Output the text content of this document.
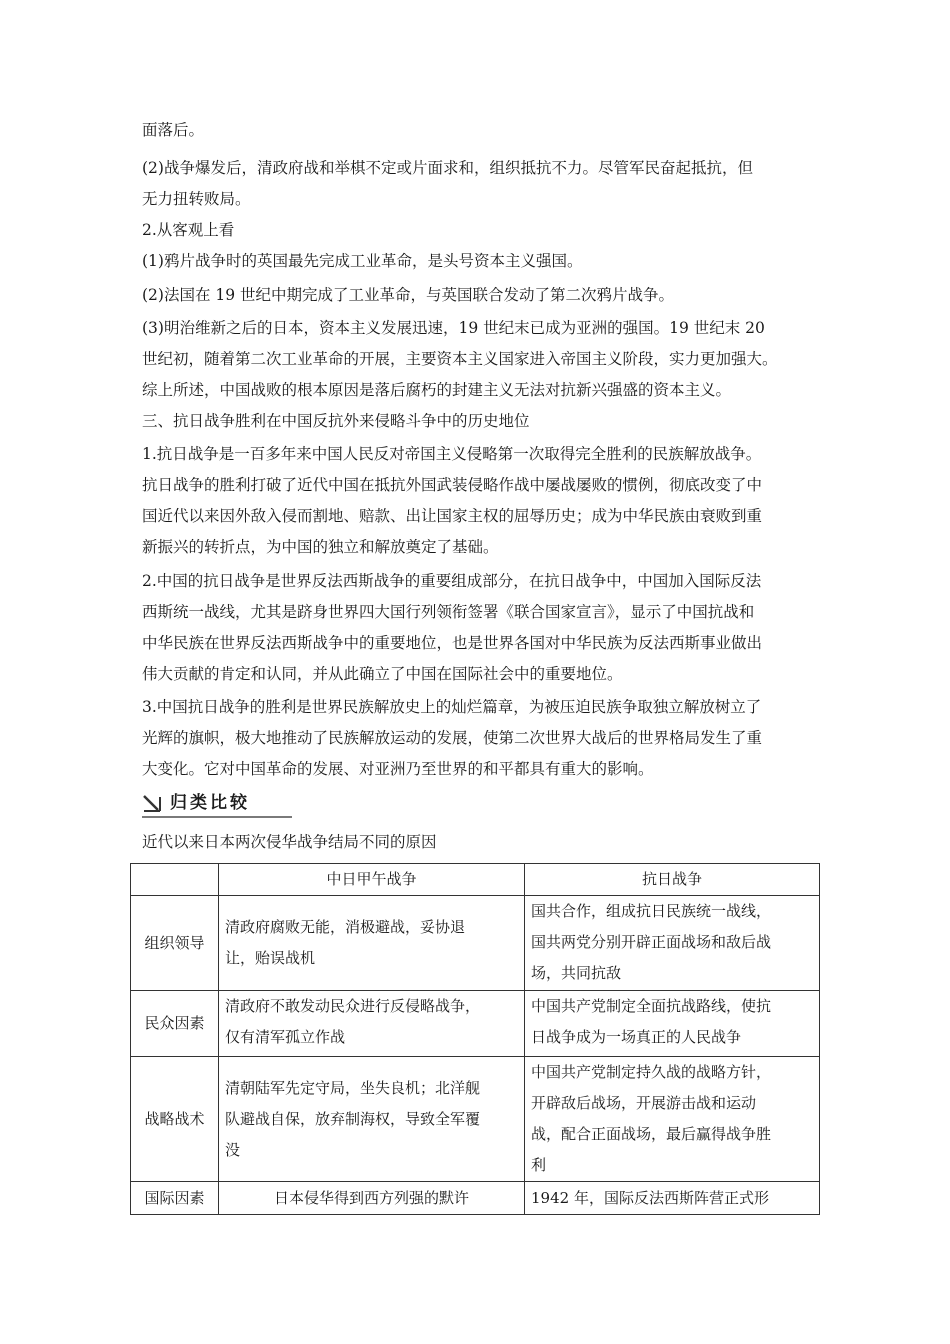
面落后。
(2)战争爆发后，清政府战和举棋不定或片面求和，组织抵抗不力。尽管军民奋起抵抗，但
无力扭转败局。
2.从客观上看
(1)鸦片战争时的英国最先完成工业革命，是头号资本主义强国。
(2)法国在 19 世纪中期完成了工业革命，与英国联合发动了第二次鸦片战争。
(3)明治维新之后的日本，资本主义发展迅速，19 世纪末已成为亚洲的强国。19 世纪末 20
世纪初，随着第二次工业革命的开展，主要资本主义国家进入帝国主义阶段，实力更加强大。
综上所述，中国战败的根本原因是落后腐朽的封建主义无法对抗新兴强盛的资本主义。
三、抗日战争胜利在中国反抗外来侵略斗争中的历史地位
1.抗日战争是一百多年来中国人民反对帝国主义侵略第一次取得完全胜利的民族解放战争。
抗日战争的胜利打破了近代中国在抵抗外国武装侵略作战中屡战屡败的惯例，彻底改变了中
国近代以来因外敌入侵而割地、赔款、出让国家主权的屈辱历史；成为中华民族由衰败到重
新振兴的转折点，为中国的独立和解放奠定了基础。
2.中国的抗日战争是世界反法西斯战争的重要组成部分，在抗日战争中，中国加入国际反法
西斯统一战线，尤其是跻身世界四大国行列领衔签署《联合国家宣言》，显示了中国抗战和
中华民族在世界反法西斯战争中的重要地位，也是世界各国对中华民族为反法西斯事业做出
伟大贡献的肯定和认同，并从此确立了中国在国际社会中的重要地位。
3.中国抗日战争的胜利是世界民族解放史上的灿烂篇章，为被压迫民族争取独立解放树立了
光辉的旗帜，极大地推动了民族解放运动的发展，使第二次世界大战后的世界格局发生了重
大变化。它对中国革命的发展、对亚洲乃至世界的和平都具有重大的影响。
归类比较
近代以来日本两次侵华战争结局不同的原因
	中日甲午战争	抗日战争
组织领导	清政府腐败无能，消极避战，妥协退
让，贻误战机	国共合作，组成抗日民族统一战线，
国共两党分别开辟正面战场和敌后战
场，共同抗敌

民众因素	清政府不敢发动民众进行反侵略战争，
仅有清军孤立作战	中国共产党制定全面抗战路线，使抗
日战争成为一场真正的人民战争

战略战术	清朝陆军先定守局，坐失良机；北洋舰
队避战自保，放弃制海权，导致全军覆
没	中国共产党制定持久战的战略方针，
开辟敌后战场，开展游击战和运动
战，配合正面战场，最后赢得战争胜
利

国际因素	日本侵华得到西方列强的默许	1942 年，国际反法西斯阵营正式形
